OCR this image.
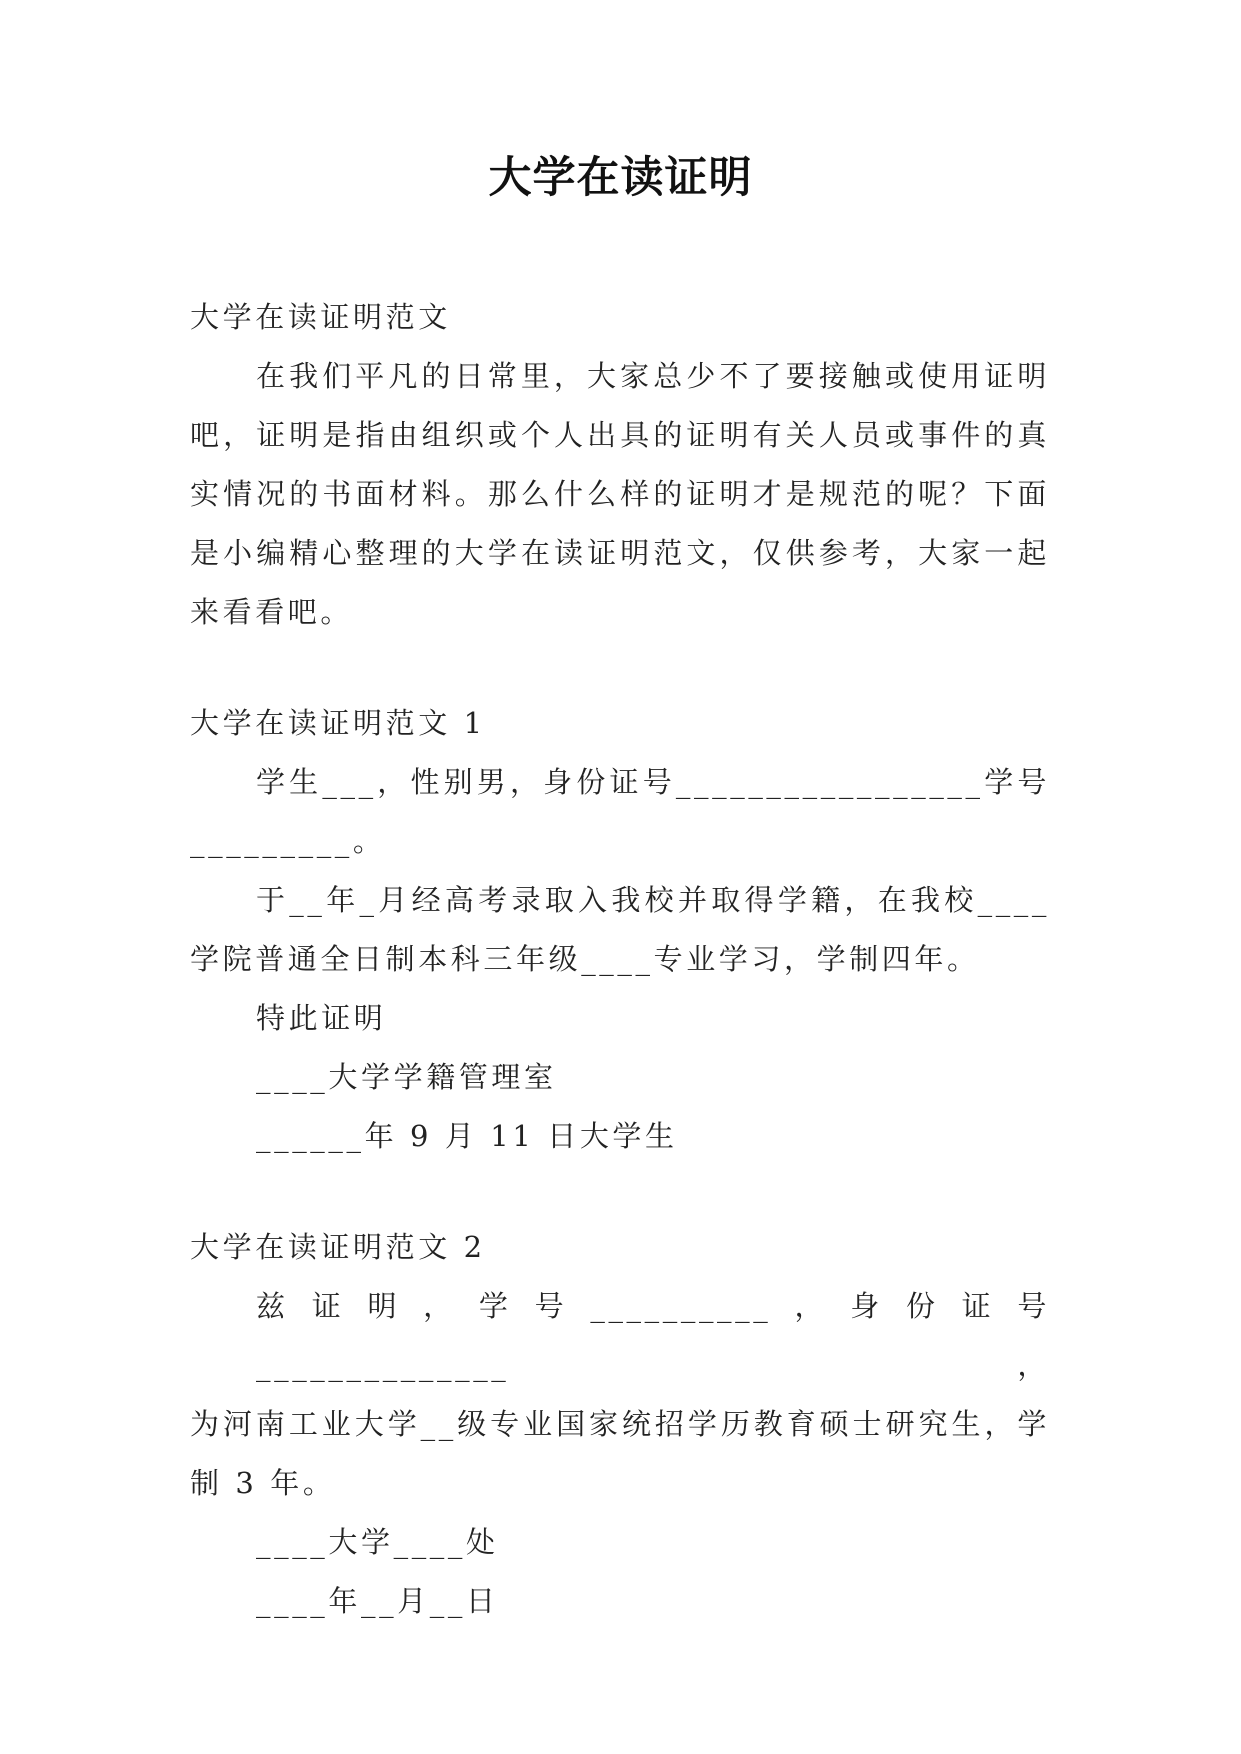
大学在读证明

大学在读证明范文

在我们平凡的日常里，大家总少不了要接触或使用证明

吧，证明是指由组织或个人出具的证明有关人员或事件的真

实情况的书面材料。那么什么样的证明才是规范的呢？下面

是小编精心整理的大学在读证明范文，仅供参考，大家一起

来看看吧。

大学在读证明范文 1

学生___，性别男，身份证号_________________学号

_________。

于__年_月经高考录取入我校并取得学籍，在我校____

学院普通全日制本科三年级____专业学习，学制四年。

特此证明

____大学学籍管理室

______年 9 月 11 日大学生

大学在读证明范文 2

兹证明，学号__________，身份证号______________，

为河南工业大学__级专业国家统招学历教育硕士研究生，学

制 3 年。

____大学____处

____年__月__日
